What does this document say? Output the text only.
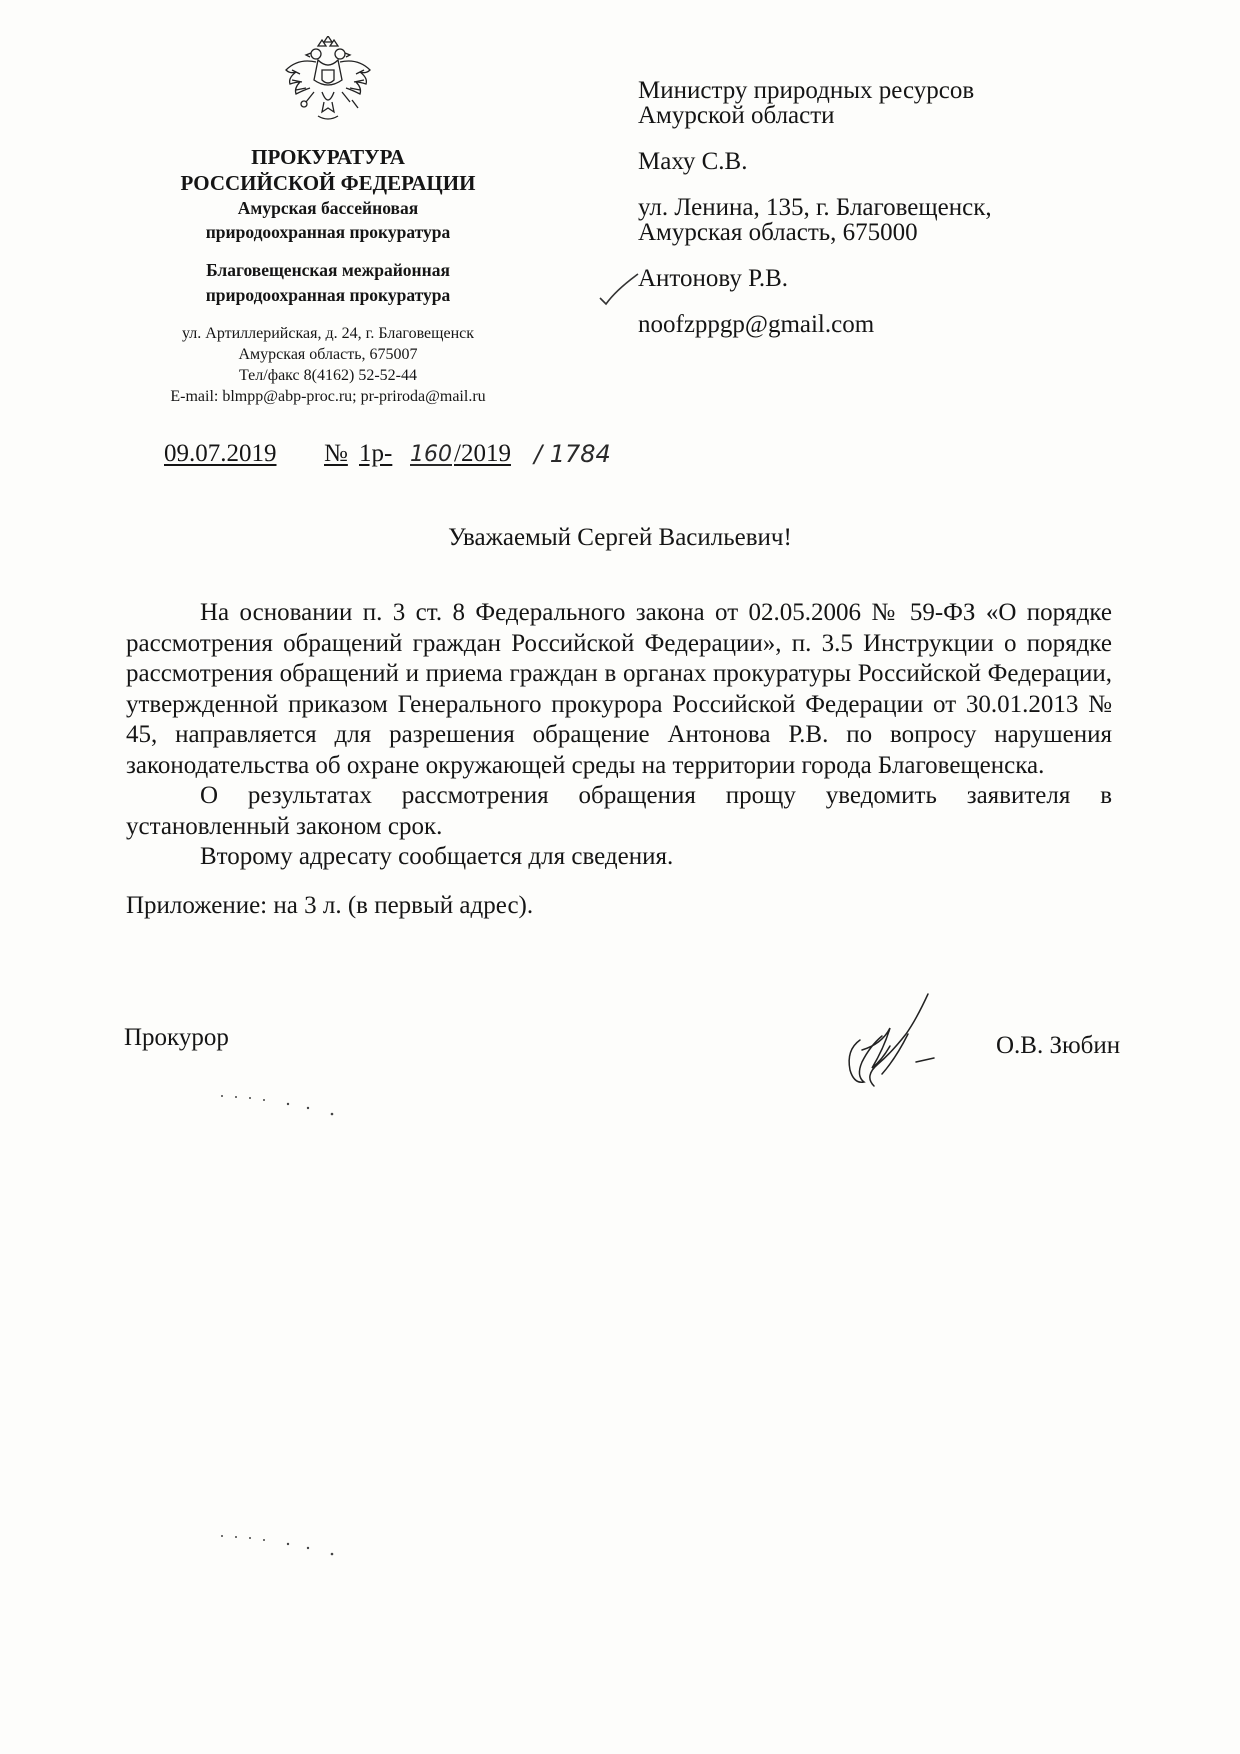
ПРОКУРАТУРА
РОССИЙСКОЙ ФЕДЕРАЦИИ
Амурская бассейновая
природоохранная прокуратура
Благовещенская межрайонная
природоохранная прокуратура
ул. Артиллерийская, д. 24, г. Благовещенск
Амурская область, 675007
Тел/факс 8(4162) 52-52-44
E-mail: blmpp@abp-proc.ru; pr-priroda@mail.ru
09.07.2019 № 1р- 160 /2019 / 1784
Министру природных ресурсов
Амурской области
Маху С.В.
ул. Ленина, 135, г. Благовещенск,
Амурская область, 675000
Антонову Р.В.
noofzppgp@gmail.com
Уважаемый Сергей Васильевич!

На основании п. 3 ст. 8 Федерального закона от 02.05.2006 № 59-ФЗ «О порядке рассмотрения обращений граждан Российской Федерации», п. 3.5 Инструкции о порядке рассмотрения обращений и приема граждан в органах прокуратуры Российской Федерации, утвержденной приказом Генерального прокурора Российской Федерации от 30.01.2013 № 45, направляется для разрешения обращение Антонова Р.В. по вопросу нарушения законодательства об охране окружающей среды на территории города Благовещенска.

О результатах рассмотрения обращения прощу уведомить заявителя в установленный законом срок.

Второму адресату сообщается для сведения.

Приложение: на 3 л. (в первый адрес).

Прокурор	О.В. Зюбин
